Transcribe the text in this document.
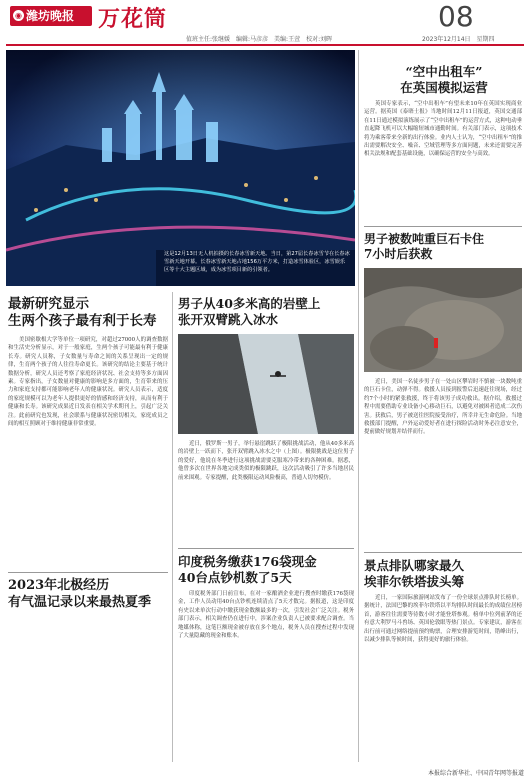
◉ 潍坊晚报	万花筒	08
值班主任:张继媛　编辑:马彦彦　美编:王萱　校对:刘晖	2023年12月14日　星期四
这是12月13日无人机拍摄的长春冰雪新天地。当日，第27届长春冰雪节在长春冰雪新天地开幕。长春冰雪新天地占地156万平方米，打造冰雪体验区，冰雪娱乐区等十大主题区域，成为冰雪项目新的引领者。
最新研究显示
生两个孩子最有利于长寿
美国密歇根大学等单位一项研究，对超过27000人的调查数据和生活史分析显示，对于一般家庭，生两个孩子可能最有利于健康长寿。研究人员称，子女数量与寿命之间的关系呈现出一定的规律，生育两个孩子的人往往寿命更长。该研究的结论主要基于统计数据分析，研究人员还考察了家庭经济状况、社会支持等多方面因素。专家指出，子女数量对健康的影响是多方面的，生育带来的压力和家庭支持都可能影响老年人的健康状况。研究人员表示，适度的家庭规模可以为老年人提供更好的情感和经济支持，从而有利于健康和长寿。该研究成果近日发表在相关学术期刊上，引起广泛关注。此前研究也发现，社会联系与健康状况密切相关，家庭成员之间的相互照顾对于维持健康非常重要。
2023年北极经历
有气温记录以来最热夏季
男子从40多米高的岩壁上
张开双臂跳入冰水
近日，俄罗斯一男子，举行悬崖跳跃了极限挑战活动，他从40多米高的岩壁上一跃而下，张开双臂跳入冰水之中（上图）。极限挑战是这位男子的爱好，他说在冬季进行这项挑战需要克服寒冷带来的各种困难。据悉，他曾多次在世界各地完成类似的极限跳跃，这次活动吸引了许多当地居民前来围观。专家提醒，此类极限运动风险极高，普通人切勿模仿。
印度税务缴获176袋现金
40台点钞机数了5天
印度税务部门日前宣布，在对一家酿酒企业进行搜查时缴获176袋现金，工作人员动用40台点钞机连续清点了5天才数完。据报道，这是印度有史以来单次行动中缴获现金数额最多的一次，引发社会广泛关注。税务部门表示，相关调查仍在进行中，涉案企业负责人已被要求配合调查。当地媒体称，这笔巨额现金被存放在多个地点，税务人员在搜查过程中发现了大量隐藏的现金和账本。
“空中出租车”
在英国模拟运营
英国专家表示，“空中出租车”有望未来10年在英国实现商业运营。据英国《泰晤士报》当地时间12月11日报道，英国交通部在11日通过模拟演练展示了“空中出租车”的运营方式，这种电动垂直起降飞机可以大幅缩短城市通勤时间。有关部门表示，这项技术将为乘客带来全新的出行体验。业内人士认为，“空中出租车”的推出需要解决安全、噪音、空域管理等多方面问题，未来还需要完善相关法规和配套基础设施，以确保运营的安全与高效。
男子被数吨重巨石卡住
7小时后获救
近日，美国一名徒步男子在一处山区攀岩时不慎被一块数吨重的巨石卡住，动弹不得。救援人员接到报警后迅速赶往现场，经过约7个小时的紧张救援，终于将该男子成功救出。据介绍，救援过程中需要借助专业设备小心移动巨石，以避免对被困者造成二次伤害。获救后，男子被送往医院接受治疗，所幸并无生命危险。当地救援部门提醒，户外运动爱好者在进行探险活动时务必注意安全，提前做好规划并结伴而行。
景点排队哪家最久
埃菲尔铁塔拔头筹
近日，一家国际旅游网站发布了一份全球景点排队时长榜单。据统计，法国巴黎的埃菲尔铁塔以平均排队时间最长的成绩位居榜首，游客往往需要等待数小时才能登塔参观。榜单中位列前茅的还有意大利罗马斗兽场、英国伦敦眼等热门景点。专家建议，游客在出行前可通过网络提前预约购票，合理安排游览时间，错峰出行，以减少排队等候时间，获得更好的旅行体验。
本报综合新华社、中国青年网等报道
